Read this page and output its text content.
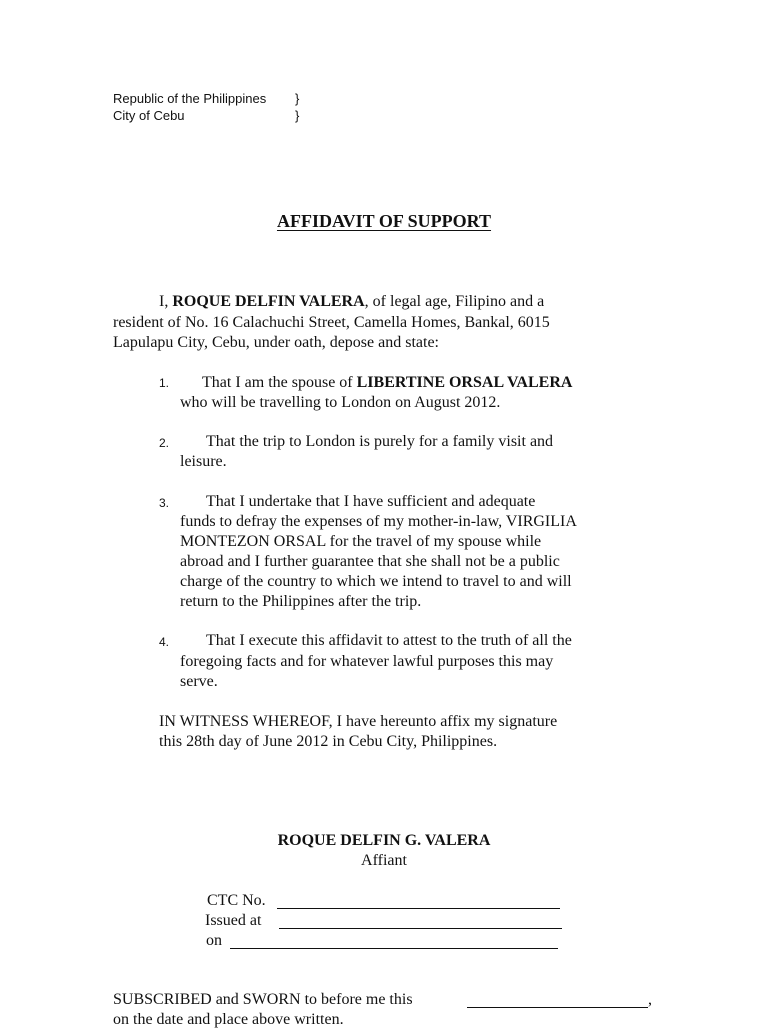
Republic of the Philippines }
City of Cebu	}
AFFIDAVIT OF SUPPORT
I, ROQUE DELFIN VALERA, of legal age, Filipino and a
resident of No. 16 Calachuchi Street, Camella Homes, Bankal, 6015
Lapulapu City, Cebu, under oath, depose and state:
1. That I am the spouse of LIBERTINE ORSAL VALERA
who will be travelling to London on August 2012.
2. That the trip to London is purely for a family visit and
leisure.
3. That I undertake that I have sufficient and adequate
funds to defray the expenses of my mother-in-law, VIRGILIA
MONTEZON ORSAL for the travel of my spouse while
abroad and I further guarantee that she shall not be a public
charge of the country to which we intend to travel to and will
return to the Philippines after the trip.
4. That I execute this affidavit to attest to the truth of all the
foregoing facts and for whatever lawful purposes this may
serve.
IN WITNESS WHEREOF, I have hereunto affix my signature
this 28th day of June 2012 in Cebu City, Philippines.
ROQUE DELFIN G. VALERA
Affiant
CTC No.
Issued at
on
SUBSCRIBED and SWORN to before me this	,
on the date and place above written.
